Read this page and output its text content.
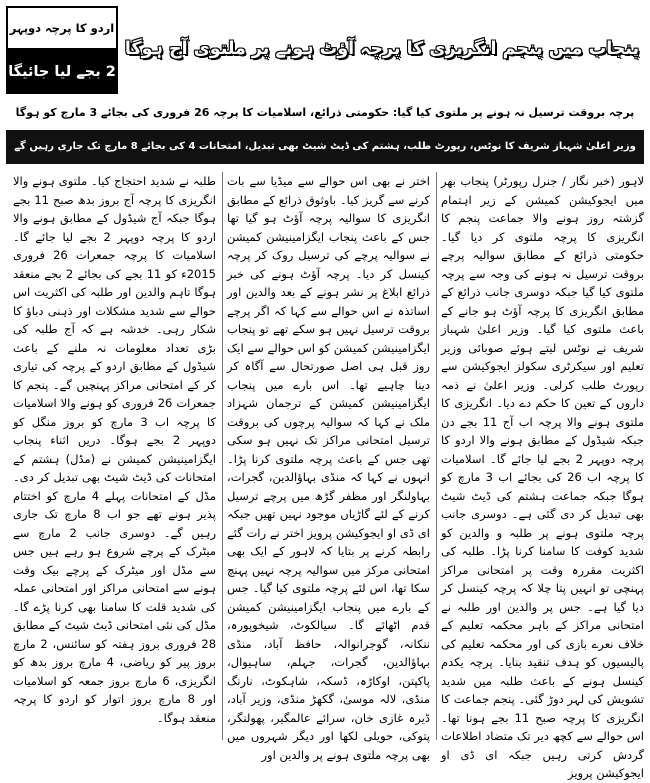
پنجاب میں پنجم انگریزی کا پرچہ آؤٹ ہونے پر ملتوی آج ہوگا
اردو کا پرچہ دوپہر
2 بجے لیا جائیگا
پرچہ بروقت ترسیل نہ ہونے پر ملتوی کیا گیا: حکومتی ذرائع، اسلامیات کا پرچہ 26 فروری کی بجائے 3 مارچ کو ہوگا
وزیر اعلیٰ شہباز شریف کا نوٹس، رپورٹ طلب، ہشتم کی ڈیٹ شیٹ بھی تبدیل، امتحانات 4 کی بجائے 8 مارچ تک جاری رہیں گے
لاہور (خبر نگار / جنرل رپورٹر) پنجاب بھر میں ایجوکیشن کمیشن کے زیر اہتمام گزشتہ روز ہونے والا جماعت پنجم کا انگریزی کا پرچہ ملتوی کر دیا گیا۔ حکومتی ذرائع کے مطابق سوالیہ پرچے بروقت ترسیل نہ ہونے کی وجہ سے پرچہ ملتوی کیا گیا جبکہ دوسری جانب ذرائع کے مطابق انگریزی کا پرچہ آؤٹ ہو جانے کے باعث ملتوی کیا گیا۔ وزیر اعلیٰ شہباز شریف نے نوٹس لیتے ہوئے صوبائی وزیر تعلیم اور سیکرٹری سکولز ایجوکیشن سے رپورٹ طلب کرلی۔ وزیر اعلیٰ نے ذمہ داروں کے تعین کا حکم دے دیا۔ انگریزی کا ملتوی ہونے والا پرچہ اب آج 11 بجے دن جبکہ شیڈول کے مطابق ہونے والا اردو کا پرچہ دوپہر 2 بجے لیا جائے گا۔ اسلامیات کا پرچہ اب 26 کی بجائے اب 3 مارچ کو ہوگا جبکہ جماعت ہشتم کی ڈیٹ شیٹ بھی تبدیل کر دی گئی ہے۔ دوسری جانب پرچہ ملتوی ہونے پر طلبہ و والدین کو شدید کوفت کا سامنا کرنا پڑا۔ طلبہ کی اکثریت مقررہ وقت پر امتحانی مراکز پہنچی تو انہیں پتا چلا کہ پرچہ کینسل کر دیا گیا ہے۔ جس پر والدین اور طلبہ نے امتحانی مراکز کے باہر محکمہ تعلیم کے خلاف نعرے بازی کی اور محکمہ تعلیم کی پالیسیوں کو ہدف تنقید بنایا۔ پرچہ یکدم کینسل ہونے کے باعث طلبہ میں شدید تشویش کی لہر دوڑ گئی۔ پنجم جماعت کا انگریزی کا پرچہ صبح 11 بجے ہونا تھا۔ اس حوالے سے کچھ دیر تک متضاد اطلاعات گردش کرتی رہیں جبکہ ای ڈی او ایجوکیشن پرویز
اختر نے بھی اس حوالے سے میڈیا سے بات کرنے سے گریز کیا۔ باوثوق ذرائع کے مطابق انگریزی کا سوالیہ پرچہ آؤٹ ہو گیا تھا جس کے باعث پنجاب ایگزامینیشن کمیشن نے سوالیہ پرچے کی ترسیل روک کر پرچہ کینسل کر دیا۔ پرچہ آؤٹ ہونے کی خبر ذرائع ابلاغ پر نشر ہونے کے بعد والدین اور اساتذہ نے اس حوالے سے کہا کہ اگر پرچے بروقت ترسیل نہیں ہو سکے تھے تو پنجاب ایگزامینیشن کمیشن کو اس حوالے سے ایک روز قبل ہی اصل صورتحال سے آگاہ کر دینا چاہیے تھا۔ اس بارے میں پنجاب ایگزامینیشن کمیشن کے ترجمان شہزاد ملک نے کہا کہ سوالیہ پرچوں کی بروقت ترسیل امتحانی مراکز تک نہیں ہو سکی تھی جس کے باعث پرچہ ملتوی کرنا پڑا۔ انہوں نے کہا کہ منڈی بہاؤالدین، گجرات، بہاولنگر اور مظفر گڑھ میں پرچے ترسیل کرنے کے لئے گاڑیاں موجود نہیں تھیں جبکہ ای ڈی او ایجوکیشن پرویز اختر نے رات گئے رابطہ کرنے پر بتایا کہ لاہور کے ایک بھی امتحانی مرکز میں سوالیہ پرچہ نہیں پہنچ سکا تھا، اس لئے پرچہ ملتوی کیا گیا۔ جس کے بارے میں پنجاب ایگزامینیشن کمیشن قدم اٹھائے گا۔ سیالکوٹ، شیخوپورہ، ننکانہ، گوجرانوالہ، حافظ آباد، منڈی بہاؤالدین، گجرات، جہلم، ساہیوال، پاکپتن، اوکاڑہ، ڈسکہ، شاہکوٹ، نارنگ منڈی، لالہ موسیٰ، گکھڑ منڈی، وزیر آباد، ڈیرہ غازی خان، سرائے عالمگیر، پھولنگر، پتوکی، حویلی لکھا اور دیگر شہروں میں بھی پرچہ ملتوی ہونے پر والدین اور
طلبہ نے شدید احتجاج کیا۔ ملتوی ہونے والا انگریزی کا پرچہ آج بروز بدھ صبح 11 بجے ہوگا جبکہ آج شیڈول کے مطابق ہونے والا اردو کا پرچہ دوپہر 2 بجے لیا جائے گا۔ اسلامیات کا پرچہ جمعرات 26 فروری 2015ء کو 11 بجے کی بجائے 2 بجے منعقد ہوگا تاہم والدین اور طلبہ کی اکثریت اس حوالے سے شدید مشکلات اور ذہنی دباؤ کا شکار رہی۔ خدشہ ہے کہ آج طلبہ کی بڑی تعداد معلومات نہ ملنے کے باعث شیڈول کے مطابق اردو کے پرچہ کی تیاری کر کے امتحانی مراکز پہنچیں گے۔ پنجم کا جمعرات 26 فروری کو ہونے والا اسلامیات کا پرچہ اب 3 مارچ کو بروز منگل کو دوپہر 2 بجے ہوگا۔ دریں اثناء پنجاب ایگزامینیشن کمیشن نے (مڈل) ہشتم کے امتحانات کی ڈیٹ شیٹ بھی تبدیل کر دی۔ مڈل کے امتحانات پہلے 4 مارچ کو اختتام پذیر ہونے تھے جو اب 8 مارچ تک جاری رہیں گے۔ دوسری جانب 2 مارچ سے میٹرک کے پرچے شروع ہو رہے ہیں جس سے مڈل اور میٹرک کے پرچے بیک وقت ہونے سے امتحانی مراکز اور امتحانی عملہ کی شدید قلت کا سامنا بھی کرنا پڑے گا۔ مڈل کی نئی امتحانی ڈیٹ شیٹ کے مطابق 28 فروری بروز ہفتہ کو سائنس، 2 مارچ بروز پیر کو ریاضی، 4 مارچ بروز بدھ کو انگریزی، 6 مارچ بروز جمعہ کو اسلامیات اور 8 مارچ بروز اتوار کو اردو کا پرچہ منعقد ہوگا۔
